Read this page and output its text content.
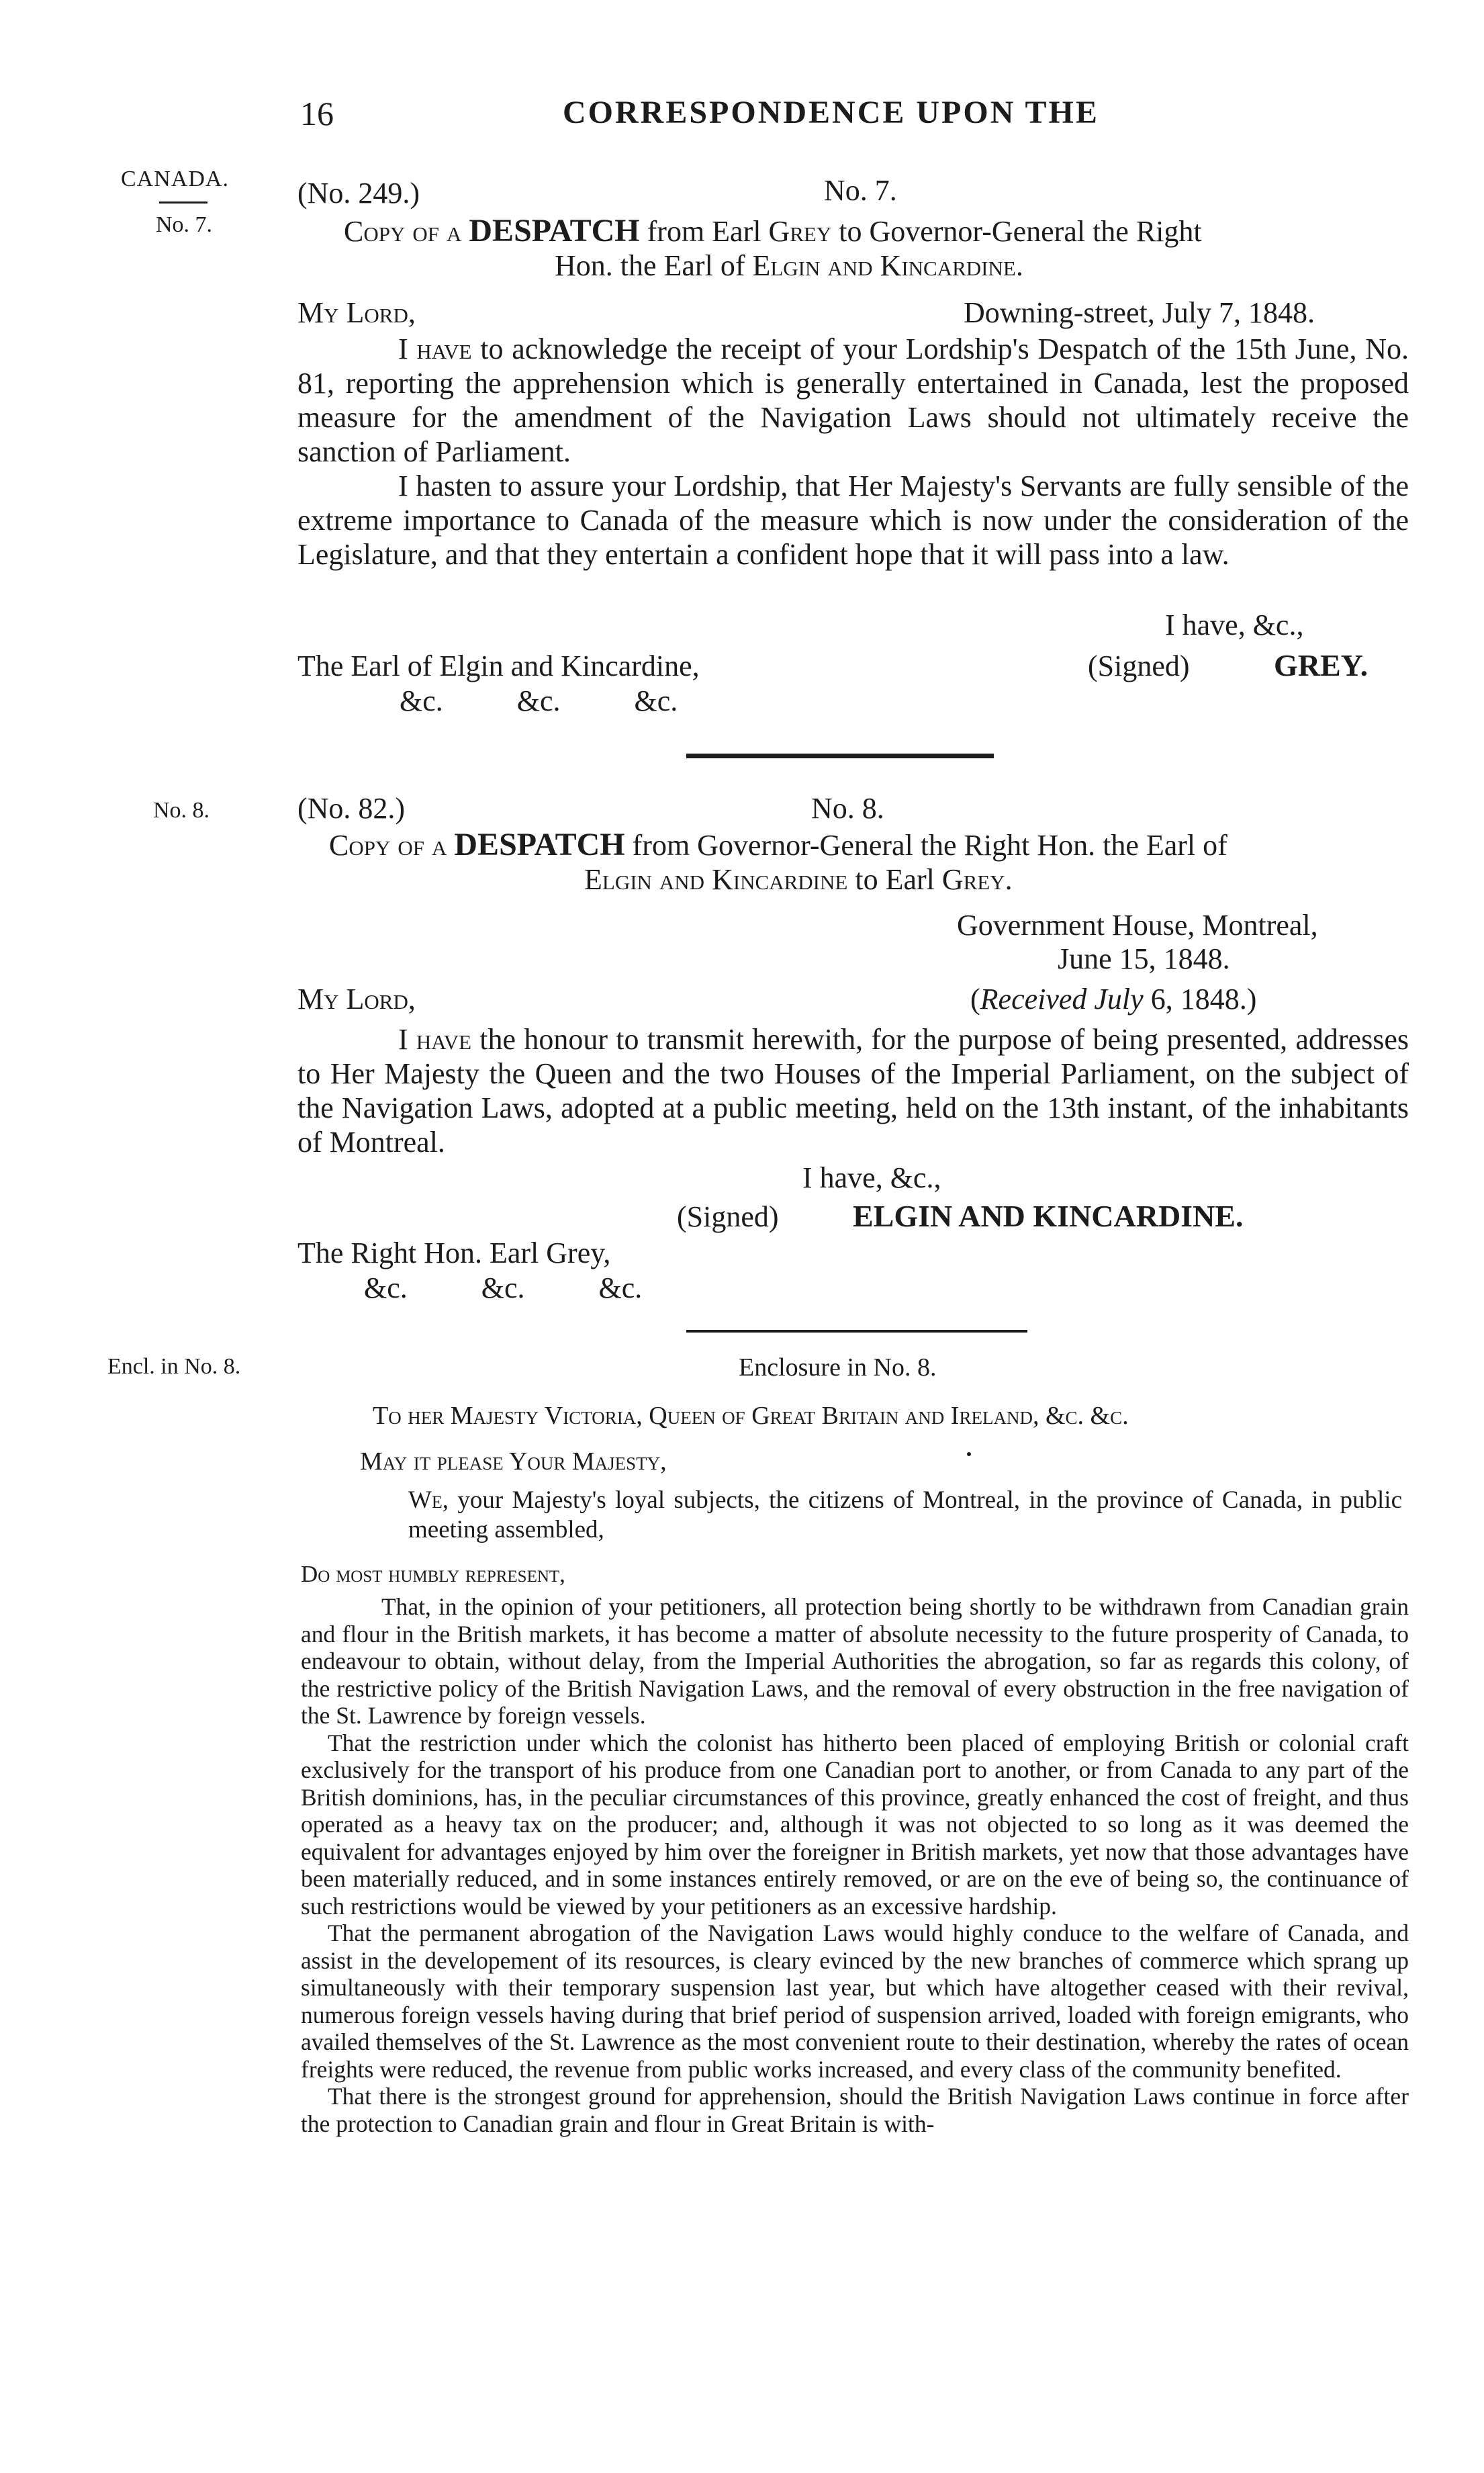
16	CORRESPONDENCE UPON THE
CANADA.
No. 7.
No. 8.
Encl. in No. 8.
(No. 249.)	No. 7.
Copy of a DESPATCH from Earl Grey to Governor-General the Right
Hon. the Earl of Elgin and Kincardine.
My Lord,	Downing-street, July 7, 1848.

I have to acknowledge the receipt of your Lordship's Despatch of the 15th June, No. 81, reporting the apprehension which is generally entertained in Canada, lest the proposed measure for the amendment of the Navigation Laws should not ultimately receive the sanction of Parliament.

I hasten to assure your Lordship, that Her Majesty's Servants are fully sensible of the extreme importance to Canada of the measure which is now under the consideration of the Legislature, and that they entertain a confident hope that it will pass into a law.

I have, &c.,
The Earl of Elgin and Kincardine,	(Signed)	GREY.
&c.          &c.          &c.
(No. 82.)	No. 8.
Copy of a DESPATCH from Governor-General the Right Hon. the Earl of
Elgin and Kincardine to Earl Grey.
Government House, Montreal,
June 15, 1848.
My Lord,	(Received July 6, 1848.)

I have the honour to transmit herewith, for the purpose of being presented, addresses to Her Majesty the Queen and the two Houses of the Imperial Parliament, on the subject of the Navigation Laws, adopted at a public meeting, held on the 13th instant, of the inhabitants of Montreal.

I have, &c.,
(Signed) ELGIN AND KINCARDINE.
The Right Hon. Earl Grey,
&c.          &c.          &c.
Enclosure in No. 8.
To her Majesty Victoria, Queen of Great Britain and Ireland, &c. &c.
May it please Your Majesty,

We, your Majesty's loyal subjects, the citizens of Montreal, in the province of Canada, in public meeting assembled,

Do most humbly represent,

That, in the opinion of your petitioners, all protection being shortly to be withdrawn from Canadian grain and flour in the British markets, it has become a matter of absolute necessity to the future prosperity of Canada, to endeavour to obtain, without delay, from the Imperial Authorities the abrogation, so far as regards this colony, of the restrictive policy of the British Navigation Laws, and the removal of every obstruction in the free navigation of the St. Lawrence by foreign vessels.

That the restriction under which the colonist has hitherto been placed of employing British or colonial craft exclusively for the transport of his produce from one Canadian port to another, or from Canada to any part of the British dominions, has, in the peculiar circumstances of this province, greatly enhanced the cost of freight, and thus operated as a heavy tax on the producer; and, although it was not objected to so long as it was deemed the equivalent for advantages enjoyed by him over the foreigner in British markets, yet now that those advantages have been materially reduced, and in some instances entirely removed, or are on the eve of being so, the continuance of such restrictions would be viewed by your petitioners as an excessive hardship.

That the permanent abrogation of the Navigation Laws would highly conduce to the welfare of Canada, and assist in the developement of its resources, is cleary evinced by the new branches of commerce which sprang up simultaneously with their temporary suspension last year, but which have altogether ceased with their revival, numerous foreign vessels having during that brief period of suspension arrived, loaded with foreign emigrants, who availed themselves of the St. Lawrence as the most convenient route to their destination, whereby the rates of ocean freights were reduced, the revenue from public works increased, and every class of the community benefited.

That there is the strongest ground for apprehension, should the British Navigation Laws continue in force after the protection to Canadian grain and flour in Great Britain is with-
